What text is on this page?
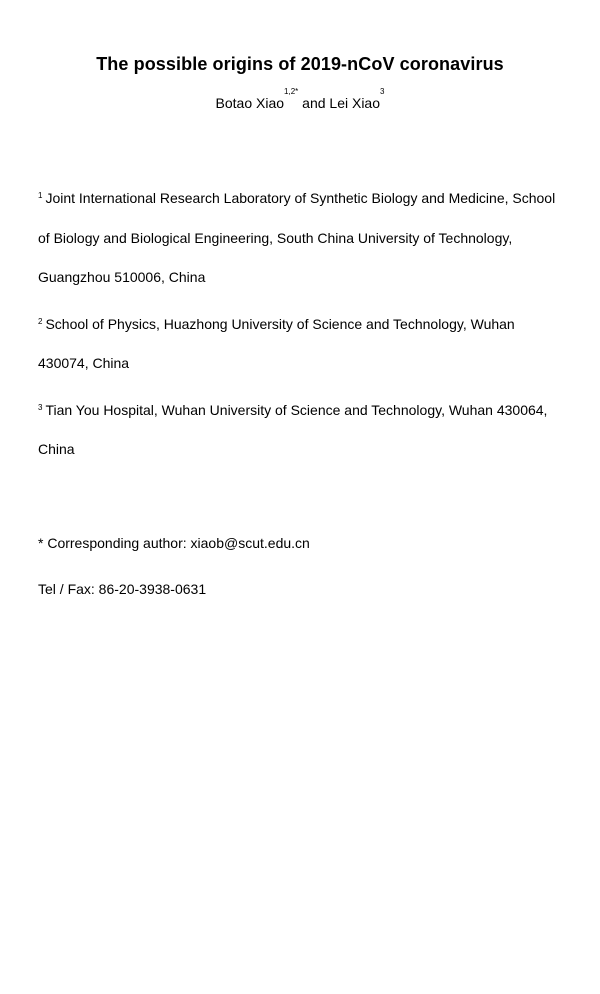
The possible origins of 2019-nCoV coronavirus
Botao Xiao$^{1,2*}$ and Lei Xiao$^3$
$^1$ Joint International Research Laboratory of Synthetic Biology and Medicine, School
of Biology and Biological Engineering, South China University of Technology,
Guangzhou 510006, China
$^2$ School of Physics, Huazhong University of Science and Technology, Wuhan
430074, China
$^3$ Tian You Hospital, Wuhan University of Science and Technology, Wuhan 430064,
China
* Corresponding author: xiaob@scut.edu.cn
Tel / Fax: 86-20-3938-0631
